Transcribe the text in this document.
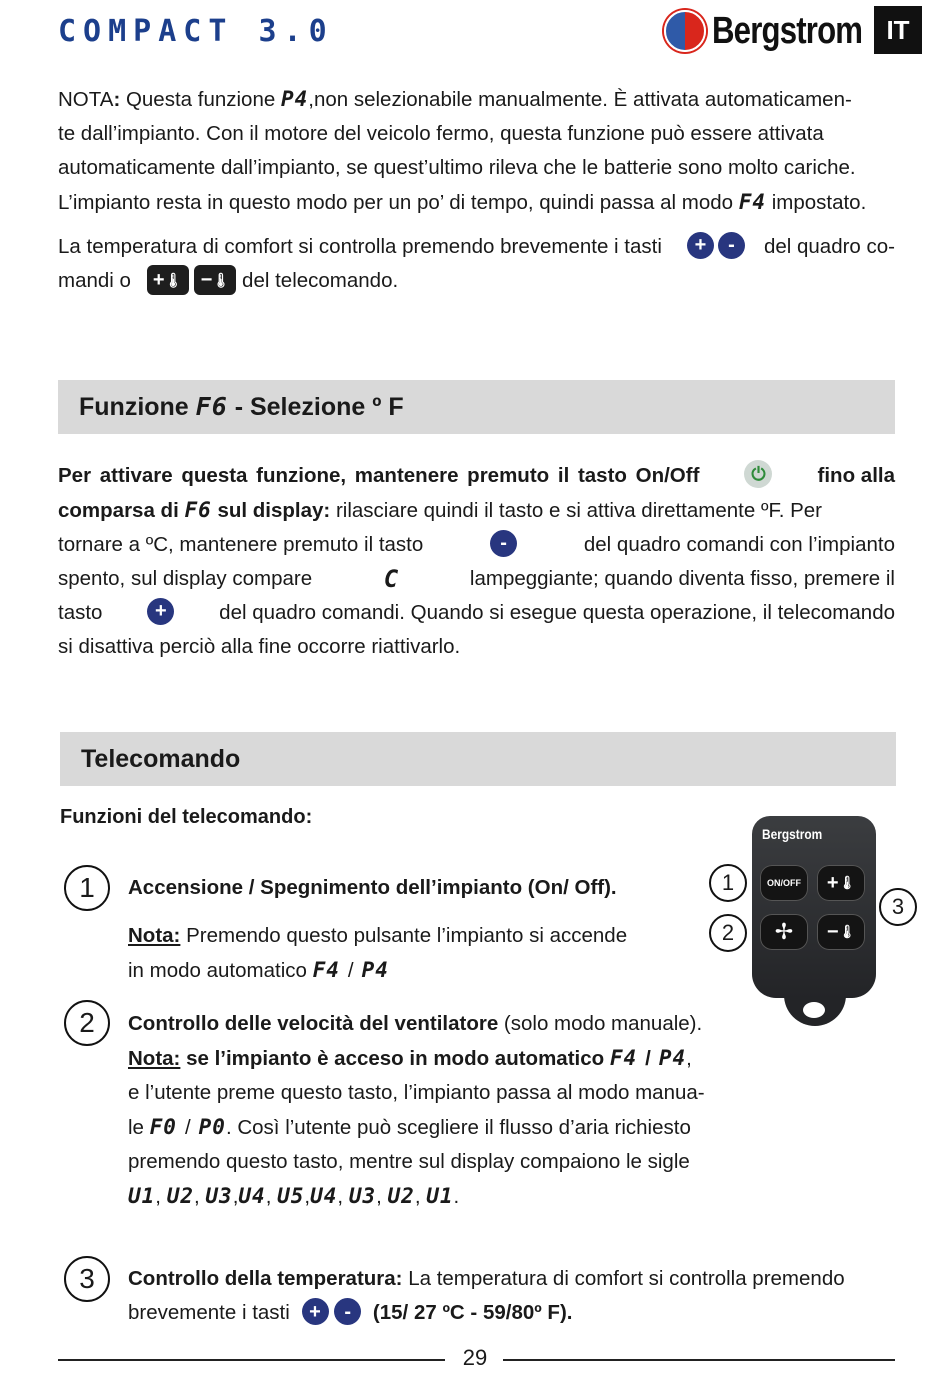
COMPACT 3.0	Bergstrom IT
NOTA: Questa funzione P4,non selezionabile manualmente. È attivata automaticamen-
te dall’impianto. Con il motore del veicolo fermo, questa funzione può essere attivata
automaticamente dall’impianto, se quest’ultimo rileva che le batterie sono molto cariche.
L’impianto resta in questo modo per un po’ di tempo, quindi passa al modo F4 impostato.
La temperatura di comfort si controlla premendo brevemente i tasti	+	-	del quadro co-
mandi o + 🌡
− 🌡 del telecomando.
Funzione F6 - Selezione º F
Per attivare questa funzione, mantenere premuto il tasto On/Off	⏻	fino alla
comparsa di F6 sul display: rilasciare quindi il tasto e si attiva direttamente ºF. Per
tornare a ºC, mantenere premuto il tasto	-	del quadro comandi con l’impianto
spento, sul display compare	C	lampeggiante; quando diventa fisso, premere il
tasto	+	del quadro comandi. Quando si esegue questa operazione, il telecomando
si disattiva perciò alla fine occorre riattivarlo.
Telecomando
Funzioni del telecomando:
1	Accensione / Spegnimento dell’impianto (On/ Off).
Nota: Premendo questo pulsante l’impianto si accende
in modo automatico F4 / P4
2	Controllo delle velocità del ventilatore (solo modo manuale).
Nota: se l’impianto è acceso in modo automatico F4 / P4,
e l’utente preme questo tasto, l’impianto passa al modo manua-
le F0 / P0. Così l’utente può scegliere il flusso d’aria richiesto
premendo questo tasto, mentre sul display compaiono le sigle
U1, U2, U3,U4, U5,U4, U3, U2, U1.
3	Controllo della temperatura: La temperatura di comfort si controlla premendo
brevemente i tasti + - (15/ 27 ºC - 59/80º F).
Bergstrom
ON/OFF	+ 🌡
✢ − 🌡
1
2
3
29
